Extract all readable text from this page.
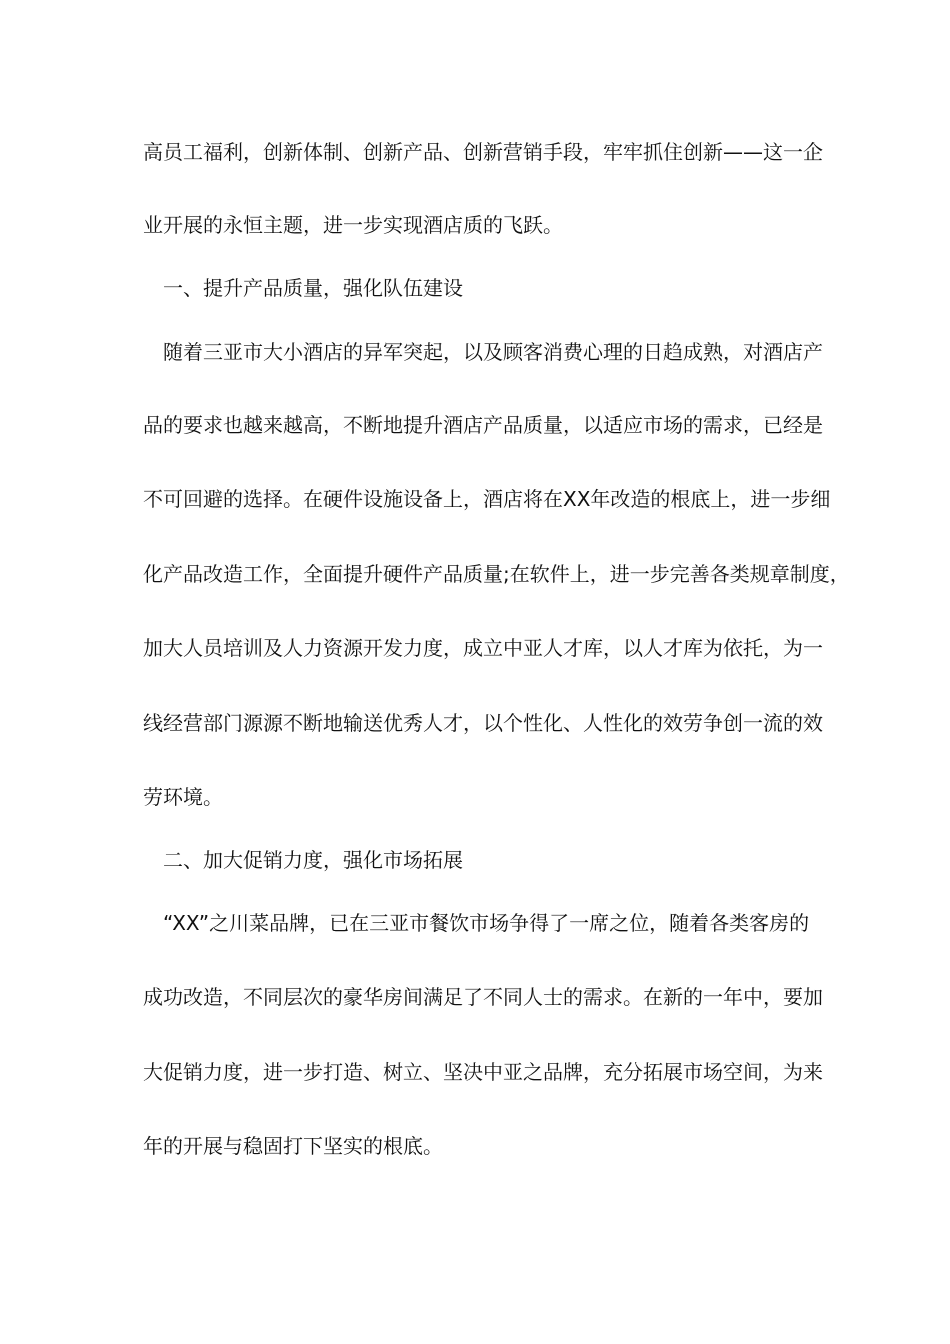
高员工福利，创新体制、创新产品、创新营销手段，牢牢抓住创新——这一企
业开展的永恒主题，进一步实现酒店质的飞跃。
　一、提升产品质量，强化队伍建设
　随着三亚市大小酒店的异军突起，以及顾客消费心理的日趋成熟，对酒店产
品的要求也越来越高，不断地提升酒店产品质量，以适应市场的需求，已经是
不可回避的选择。在硬件设施设备上，酒店将在XX年改造的根底上，进一步细
化产品改造工作，全面提升硬件产品质量;在软件上，进一步完善各类规章制度，
加大人员培训及人力资源开发力度，成立中亚人才库，以人才库为依托，为一
线经营部门源源不断地输送优秀人才，以个性化、人性化的效劳争创一流的效
劳环境。
　二、加大促销力度，强化市场拓展
　“XX”之川菜品牌，已在三亚市餐饮市场争得了一席之位，随着各类客房的
成功改造，不同层次的豪华房间满足了不同人士的需求。在新的一年中，要加
大促销力度，进一步打造、树立、坚决中亚之品牌，充分拓展市场空间，为来
年的开展与稳固打下坚实的根底。
